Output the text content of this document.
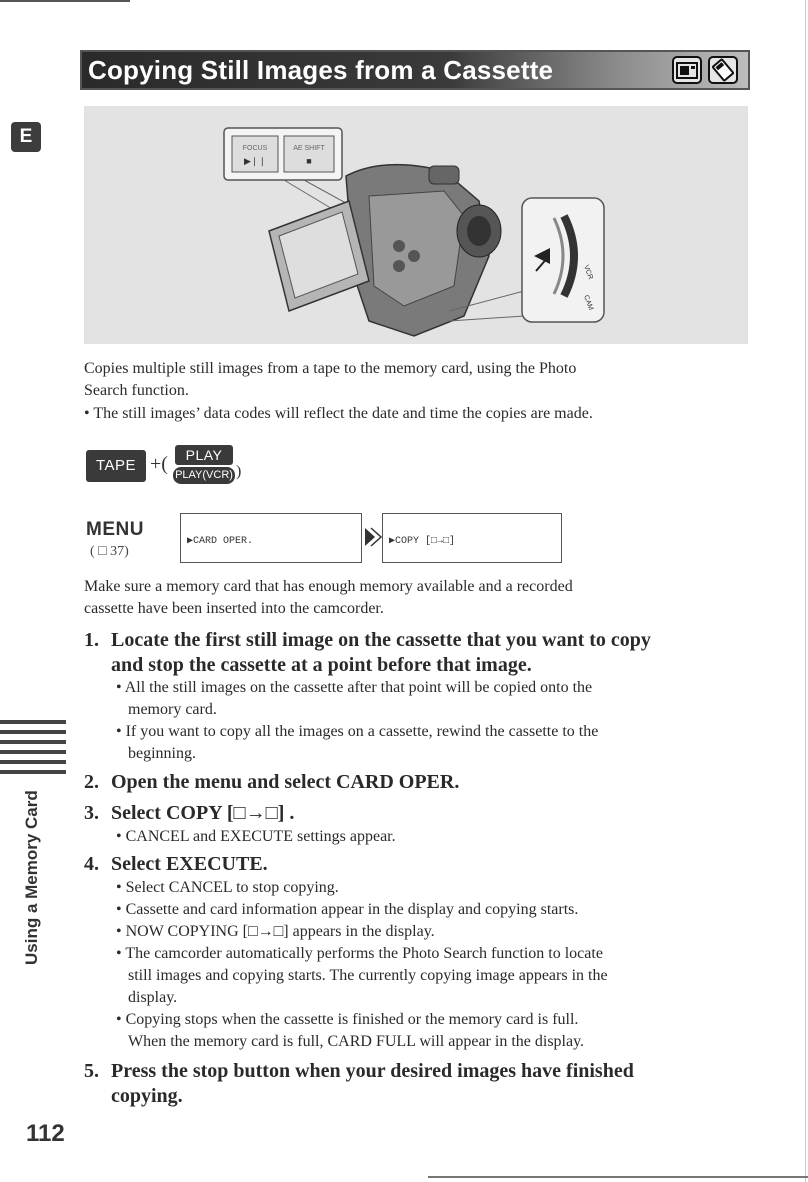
Copying Still Images from a Cassette
E
FOCUS
▶❘❘
AE SHIFT
■
VCR
CAM
Copies multiple still images from a tape to the memory card, using the Photo
Search function.
• The still images’ data codes will reflect the date and time the copies are made.
TAPE +(	PLAY
PLAY(VCR) )
MENU
( □ 37)
▶CARD OPER.	▶COPY [□→□]
Make sure a memory card that has enough memory available and a recorded
cassette have been inserted into the camcorder.
1. Locate the first still image on the cassette that you want to copy
and stop the cassette at a point before that image.
• All the still images on the cassette after that point will be copied onto the
memory card.
• If you want to copy all the images on a cassette, rewind the cassette to the
beginning.
2. Open the menu and select CARD OPER.
3. Select COPY [□→□] .
• CANCEL and EXECUTE settings appear.
4. Select EXECUTE.
• Select CANCEL to stop copying.
• Cassette and card information appear in the display and copying starts.
• NOW COPYING [□→□] appears in the display.
• The camcorder automatically performs the Photo Search function to locate
still images and copying starts. The currently copying image appears in the
display.
• Copying stops when the cassette is finished or the memory card is full.
When the memory card is full, CARD FULL will appear in the display.
5. Press the stop button when your desired images have finished
copying.
Using a Memory Card
112
